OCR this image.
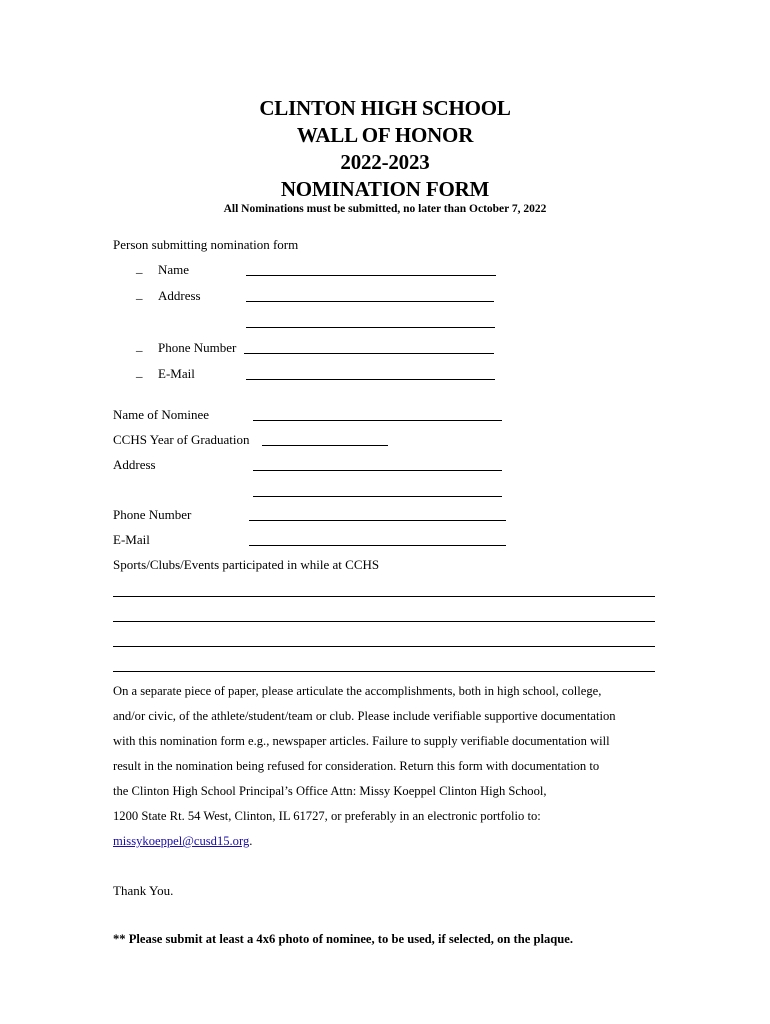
CLINTON HIGH SCHOOL
WALL OF HONOR
2022-2023
NOMINATION FORM
All Nominations must be submitted, no later than October 7, 2022
Person submitting nomination form
_ Name
_ Address
_ Phone Number
_ E-Mail
Name of Nominee
CCHS Year of Graduation
Address
Phone Number
E-Mail
Sports/Clubs/Events participated in while at CCHS
On a separate piece of paper, please articulate the accomplishments, both in high school, college,
and/or civic, of the athlete/student/team or club. Please include verifiable supportive documentation
with this nomination form e.g., newspaper articles. Failure to supply verifiable documentation will
result in the nomination being refused for consideration. Return this form with documentation to
the Clinton High School Principal’s Office Attn: Missy Koeppel Clinton High School,
1200 State Rt. 54 West, Clinton, IL 61727, or preferably in an electronic portfolio to:
missykoeppel@cusd15.org.
Thank You.
** Please submit at least a 4x6 photo of nominee, to be used, if selected, on the plaque.
